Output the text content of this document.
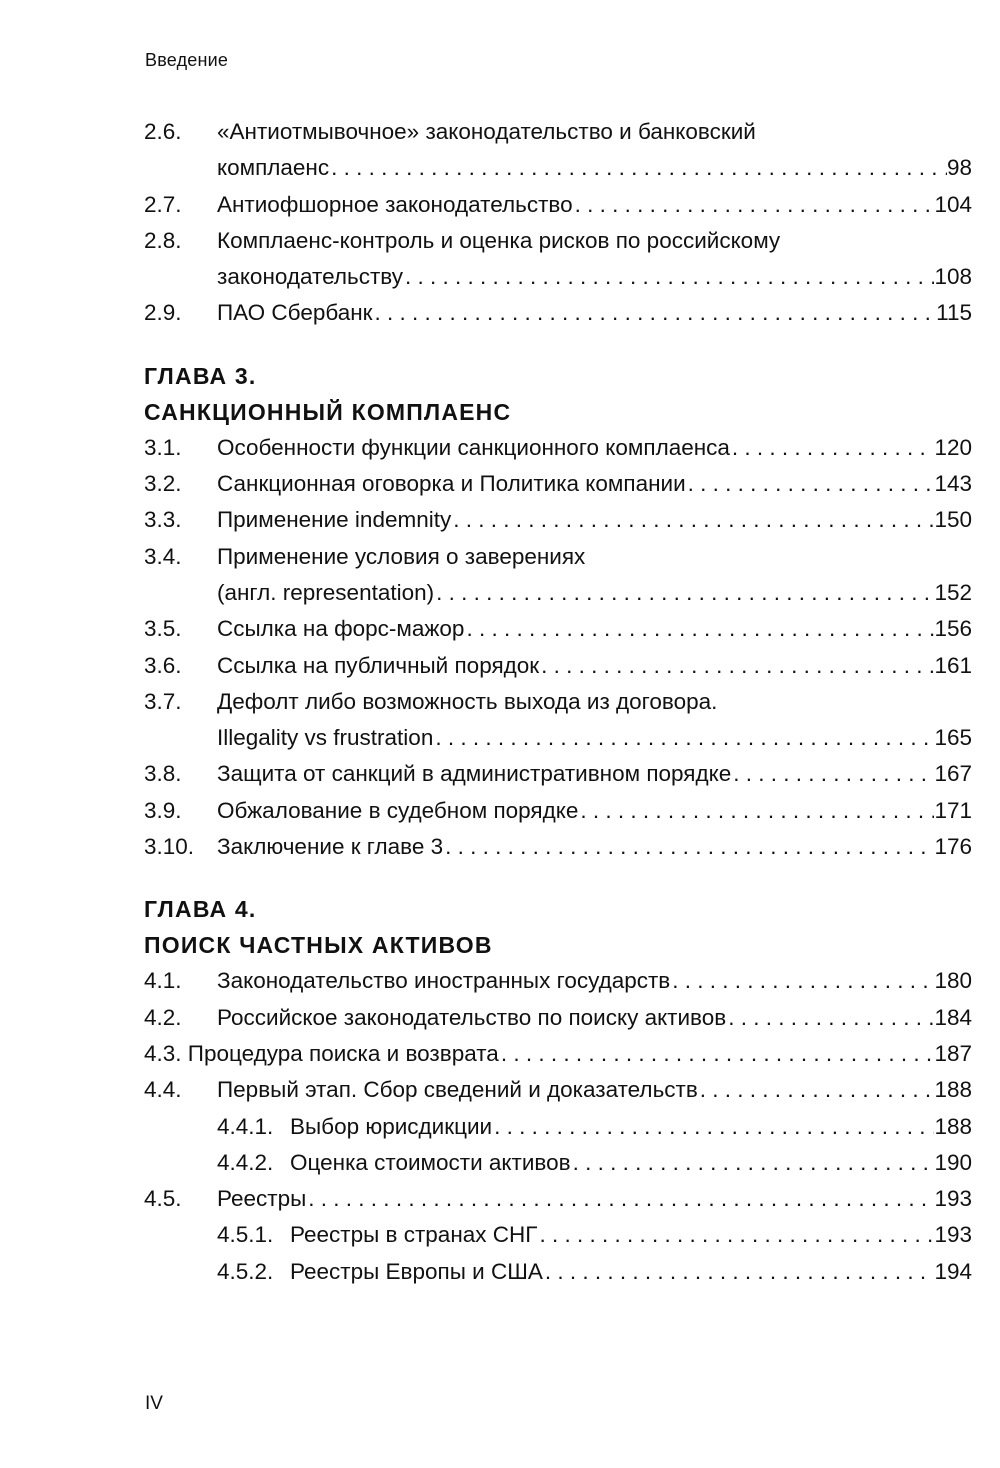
Введение
2.6.	«Антиотмывочное» законодательство и банковский
комплаенс . . .	98
2.7.	Антиофшорное законодательство . . .	104
2.8.	Комплаенс-контроль и оценка рисков по российскому
законодательству . . .	108
2.9.	ПАО Сбербанк . . .	115
ГЛАВА 3.
САНКЦИОННЫЙ КОМПЛАЕНС
3.1.	Особенности функции санкционного комплаенса . . .	120
3.2.	Санкционная оговорка и Политика компании . . .	143
3.3.	Применение indemnity . . .	150
3.4.	Применение условия о заверениях
(англ. representation) . . .	152
3.5.	Ссылка на форс-мажор . . .	156
3.6.	Ссылка на публичный порядок . . .	161
3.7.	Дефолт либо возможность выхода из договора.
Illegality vs frustration . . .	165
3.8.	Защита от санкций в административном порядке . . .	167
3.9.	Обжалование в судебном порядке . . .	171
3.10.	Заключение к главе 3 . . .	176
ГЛАВА 4.
ПОИСК ЧАСТНЫХ АКТИВОВ
4.1.	Законодательство иностранных государств . . .	180
4.2.	Российское законодательство по поиску активов . . .	184
4.3. Процедура поиска и возврата . . .	187
4.4.	Первый этап. Сбор сведений и доказательств . . .	188
4.4.1. Выбор юрисдикции . . .	188
4.4.2. Оценка стоимости активов . . .	190
4.5.	Реестры . . .	193
4.5.1. Реестры в странах СНГ . . .	193
4.5.2. Реестры Европы и США . . .	194
IV
